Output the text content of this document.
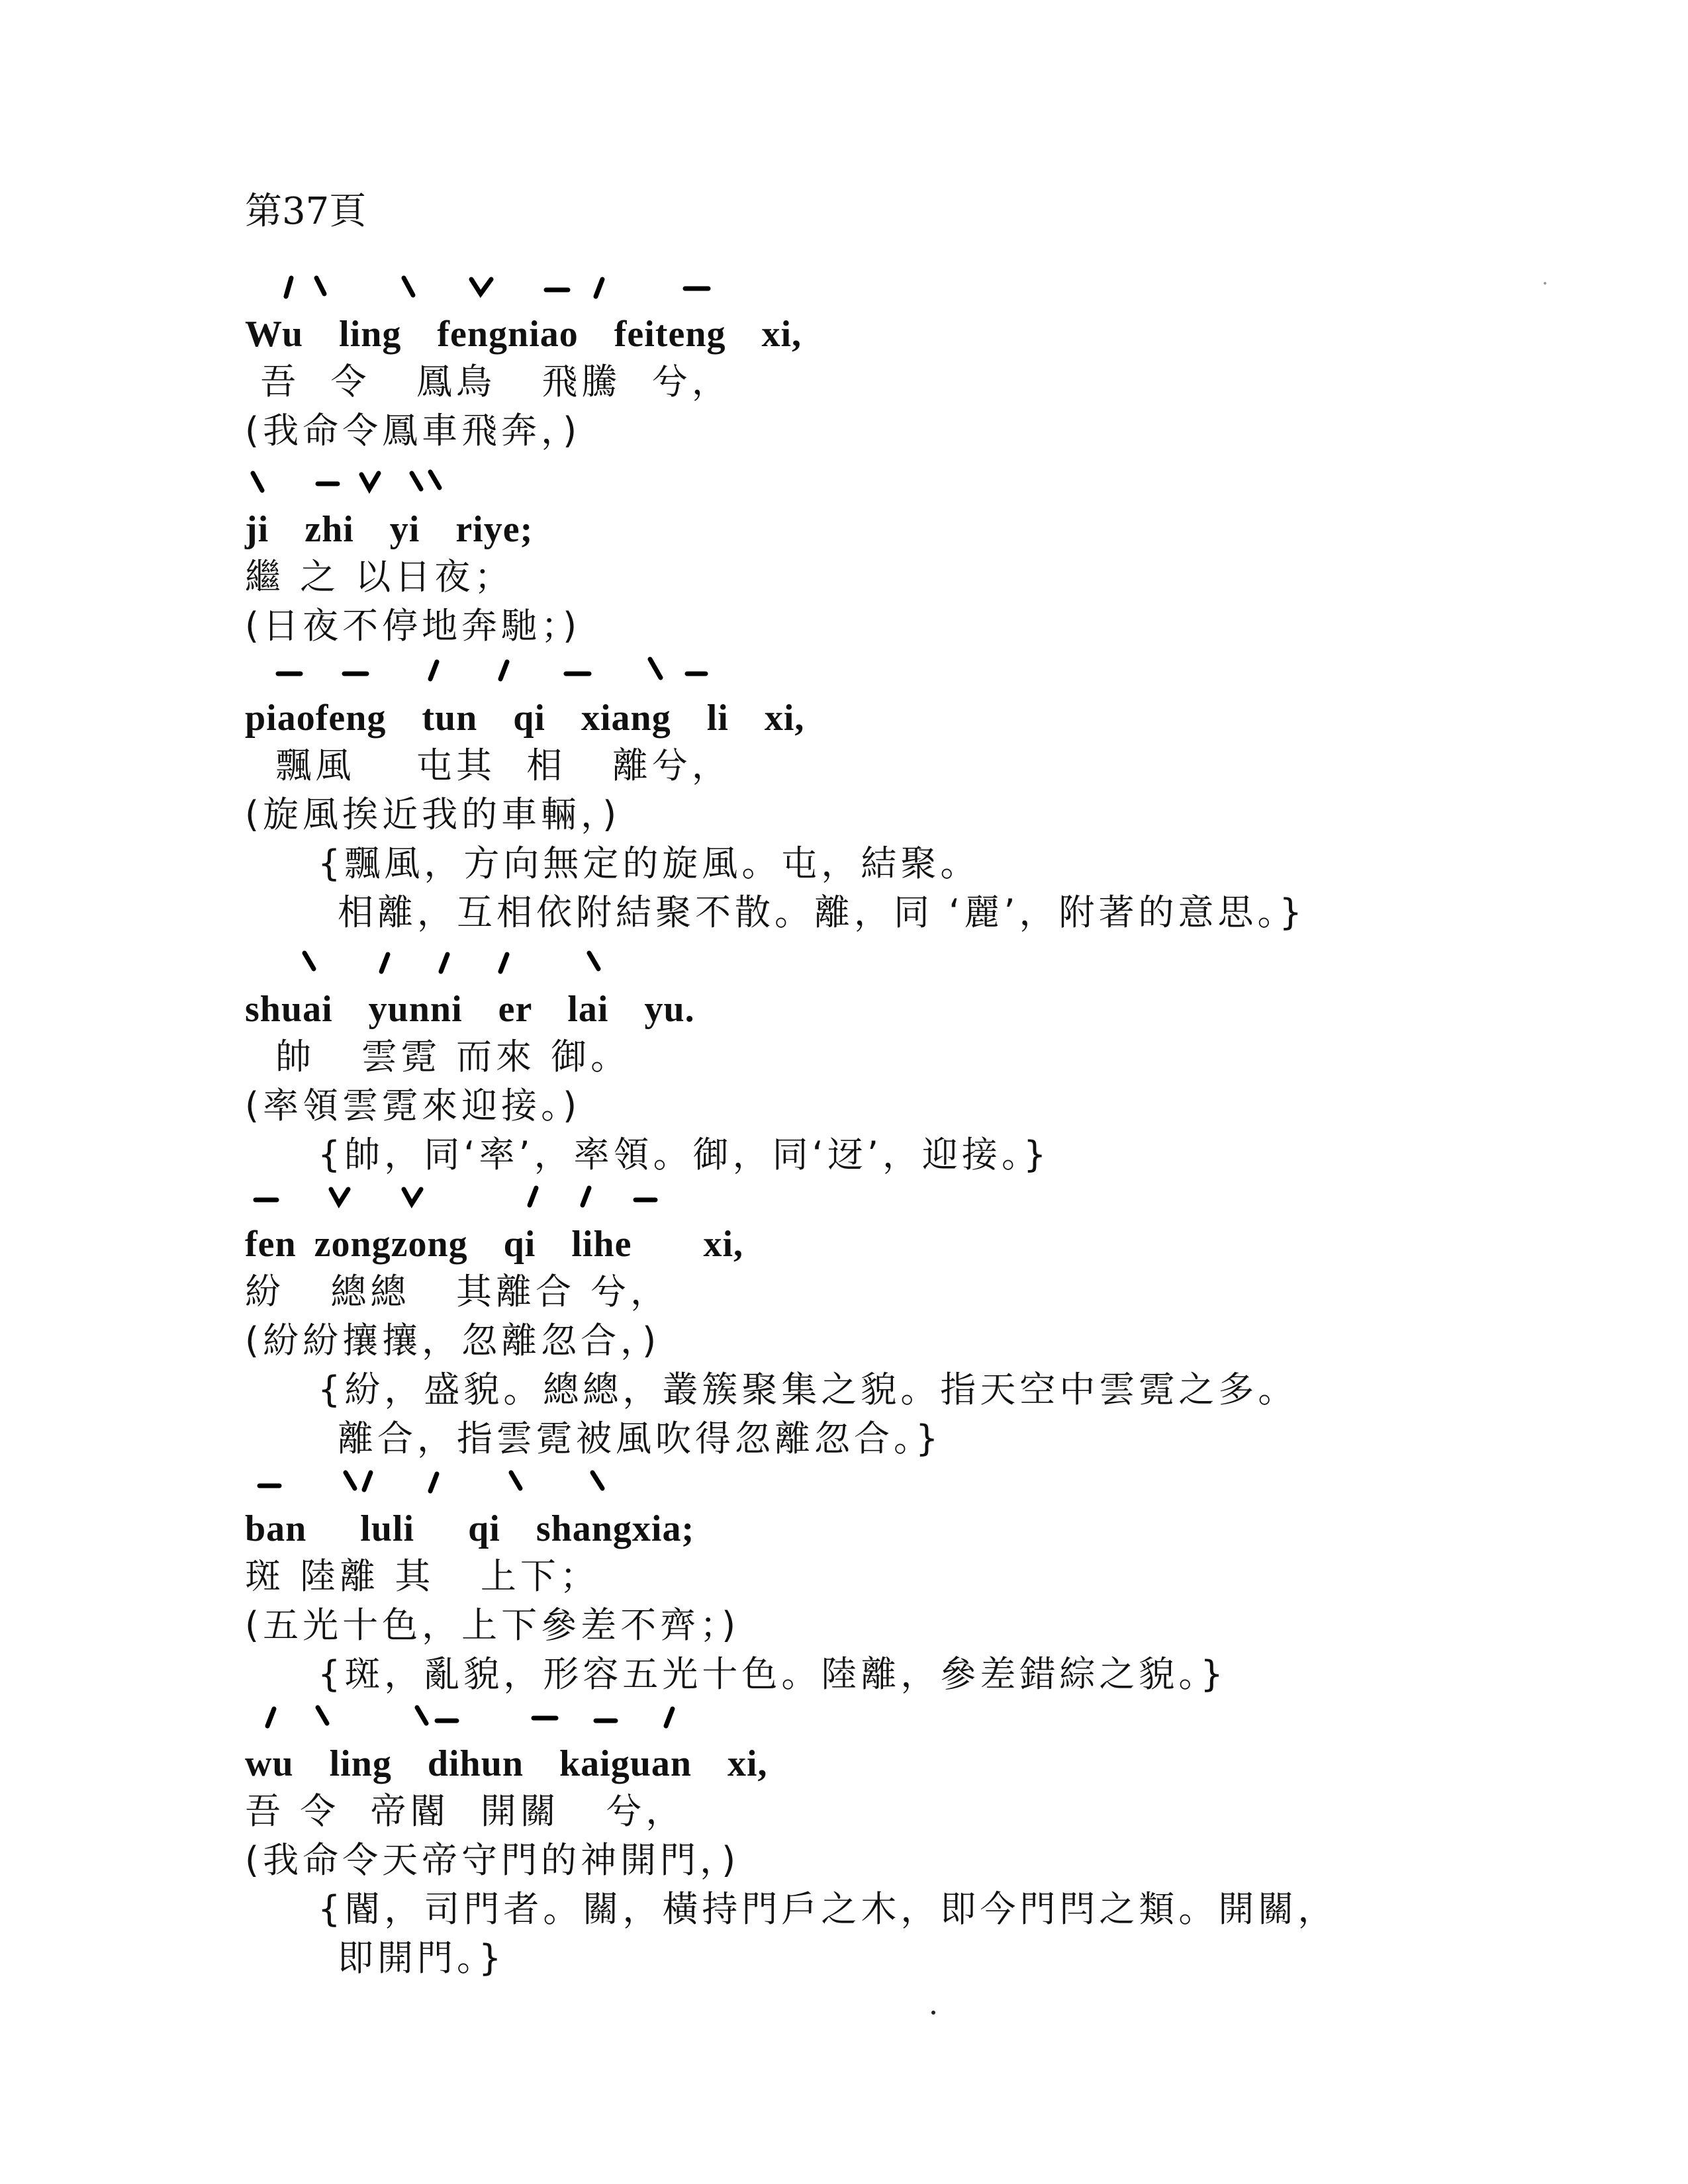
第37頁
Wu  ling  fengniao  feiteng  xi,
吾  令   鳳鳥   飛騰  兮，
(我命令鳳車飛奔，)
ji  zhi  yi  riye;
繼 之 以日夜；
(日夜不停地奔馳；)
piaofeng  tun  qi  xiang  li  xi,
飄風    屯其  相   離兮，
(旋風挨近我的車輛，)
{飄風，方向無定的旋風。屯，結聚。
相離，互相依附結聚不散。離，同 ‘麗’，附著的意思。}
shuai  yunni  er  lai  yu.
帥   雲霓 而來 御。
(率領雲霓來迎接。)
{帥，同‘率’，率領。御，同‘迓’，迎接。}
fen zongzong  qi  lihe    xi,
紛   總總   其離合 兮，
(紛紛攘攘，忽離忽合，)
{紛，盛貌。總總，叢簇聚集之貌。指天空中雲霓之多。
離合，指雲霓被風吹得忽離忽合。}
ban   luli   qi  shangxia;
斑 陸離 其   上下；
(五光十色，上下參差不齊；)
{斑，亂貌，形容五光十色。陸離，參差錯綜之貌。}
wu  ling  dihun  kaiguan  xi,
吾 令  帝閽  開關   兮，
(我命令天帝守門的神開門，)
{閽，司門者。關，橫持門戶之木，即今門閂之類。開關，
即開門。}
